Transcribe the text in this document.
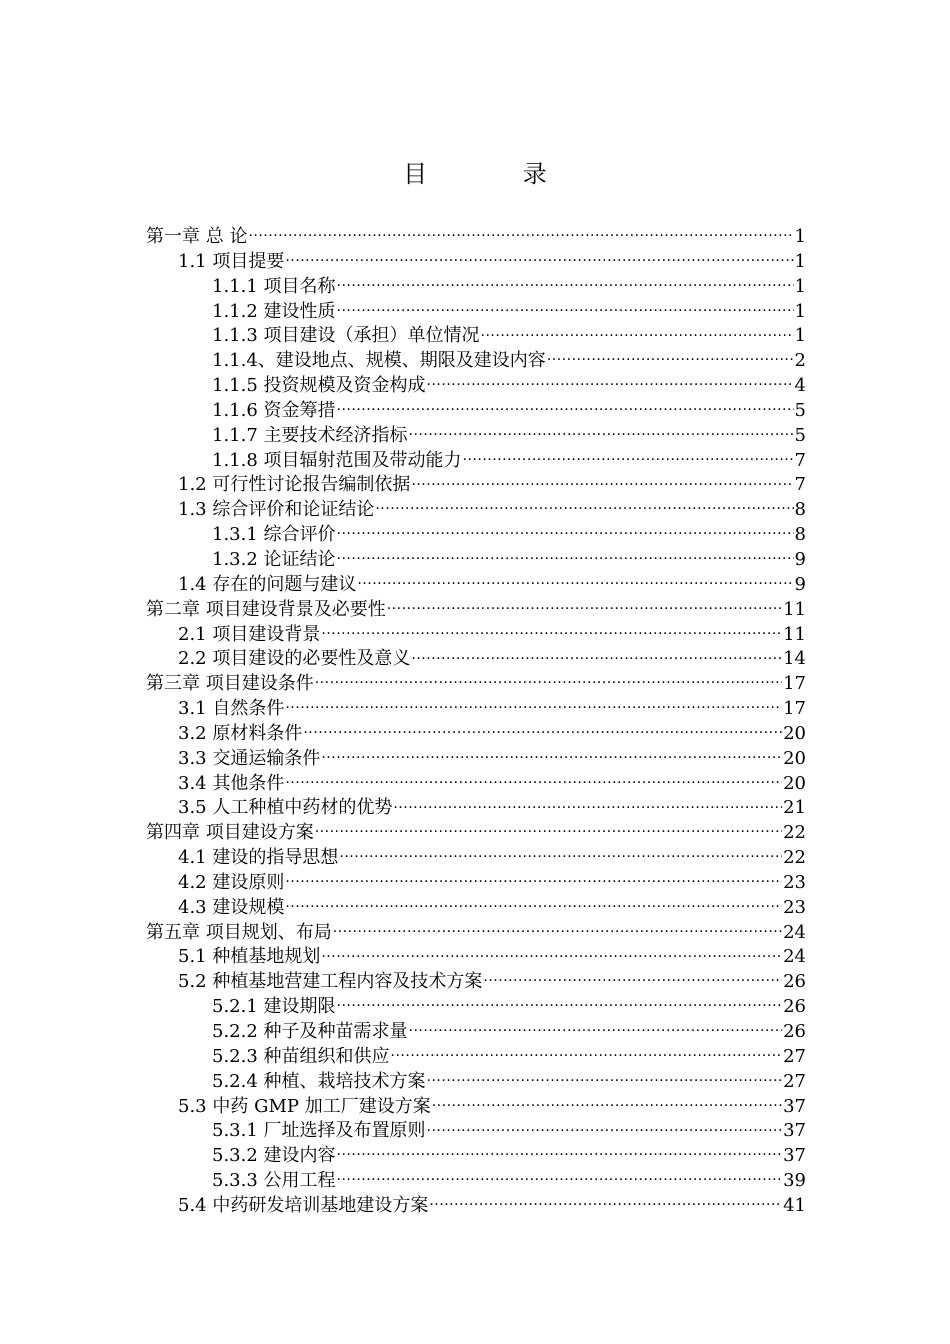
目 录
第一章 总 论 .....	1
1.1 项目提要 .....	1
1.1.1 项目名称 .....	1
1.1.2 建设性质 .....	1
1.1.3 项目建设（承担）单位情况 .....	1
1.1.4、建设地点、规模、期限及建设内容 .....	2
1.1.5 投资规模及资金构成 .....	4
1.1.6 资金筹措 .....	5
1.1.7 主要技术经济指标 .....	5
1.1.8 项目辐射范围及带动能力 .....	7
1.2 可行性讨论报告编制依据 .....	7
1.3 综合评价和论证结论 .....	8
1.3.1 综合评价 .....	8
1.3.2 论证结论 .....	9
1.4 存在的问题与建议 .....	9
第二章 项目建设背景及必要性 .....	11
2.1 项目建设背景 .....	11
2.2 项目建设的必要性及意义 .....	14
第三章 项目建设条件 .....	17
3.1 自然条件 .....	17
3.2 原材料条件 .....	20
3.3 交通运输条件 .....	20
3.4 其他条件 .....	20
3.5 人工种植中药材的优势 .....	21
第四章 项目建设方案 .....	22
4.1 建设的指导思想 .....	22
4.2 建设原则 .....	23
4.3 建设规模 .....	23
第五章 项目规划、布局 .....	24
5.1 种植基地规划 .....	24
5.2 种植基地营建工程内容及技术方案 .....	26
5.2.1 建设期限 .....	26
5.2.2 种子及种苗需求量 .....	26
5.2.3 种苗组织和供应 .....	27
5.2.4 种植、栽培技术方案 .....	27
5.3 中药 GMP 加工厂建设方案 .....	37
5.3.1 厂址选择及布置原则 .....	37
5.3.2 建设内容 .....	37
5.3.3 公用工程 .....	39
5.4 中药研发培训基地建设方案 .....	41
